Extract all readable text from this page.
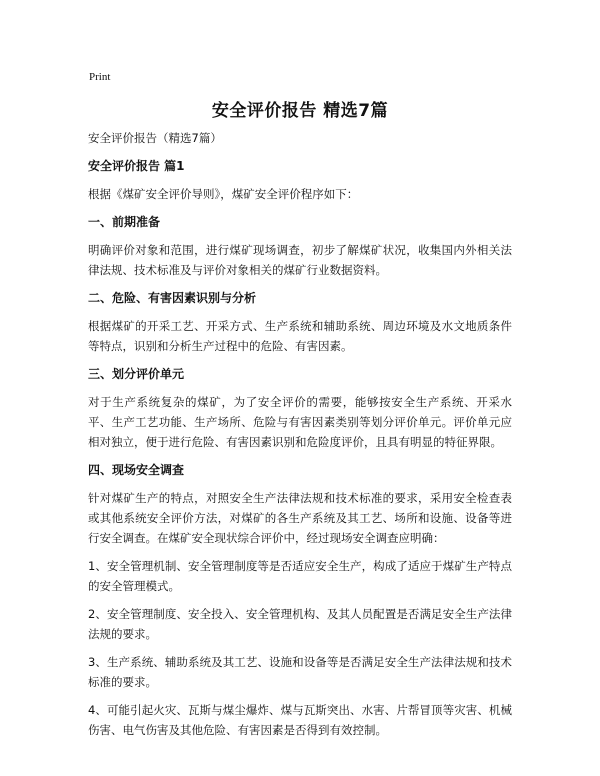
Print
安全评价报告 精选7篇

安全评价报告（精选7篇）

安全评价报告 篇1

根据《煤矿安全评价导则》，煤矿安全评价程序如下：

一、前期准备

明确评价对象和范围，进行煤矿现场调查，初步了解煤矿状况，收集国内外相关法律法规、技术标准及与评价对象相关的煤矿行业数据资料。

二、危险、有害因素识别与分析

根据煤矿的开采工艺、开采方式、生产系统和辅助系统、周边环境及水文地质条件等特点，识别和分析生产过程中的危险、有害因素。

三、划分评价单元

对于生产系统复杂的煤矿，为了安全评价的需要，能够按安全生产系统、开采水平、生产工艺功能、生产场所、危险与有害因素类别等划分评价单元。评价单元应相对独立，便于进行危险、有害因素识别和危险度评价，且具有明显的特征界限。

四、现场安全调查

针对煤矿生产的特点，对照安全生产法律法规和技术标准的要求，采用安全检查表或其他系统安全评价方法，对煤矿的各生产系统及其工艺、场所和设施、设备等进行安全调查。在煤矿安全现状综合评价中，经过现场安全调查应明确：

1、安全管理机制、安全管理制度等是否适应安全生产，构成了适应于煤矿生产特点的安全管理模式。

2、安全管理制度、安全投入、安全管理机构、及其人员配置是否满足安全生产法律法规的要求。

3、生产系统、辅助系统及其工艺、设施和设备等是否满足安全生产法律法规和技术标准的要求。

4、可能引起火灾、瓦斯与煤尘爆炸、煤与瓦斯突出、水害、片帮冒顶等灾害、机械伤害、电气伤害及其他危险、有害因素是否得到有效控制。
